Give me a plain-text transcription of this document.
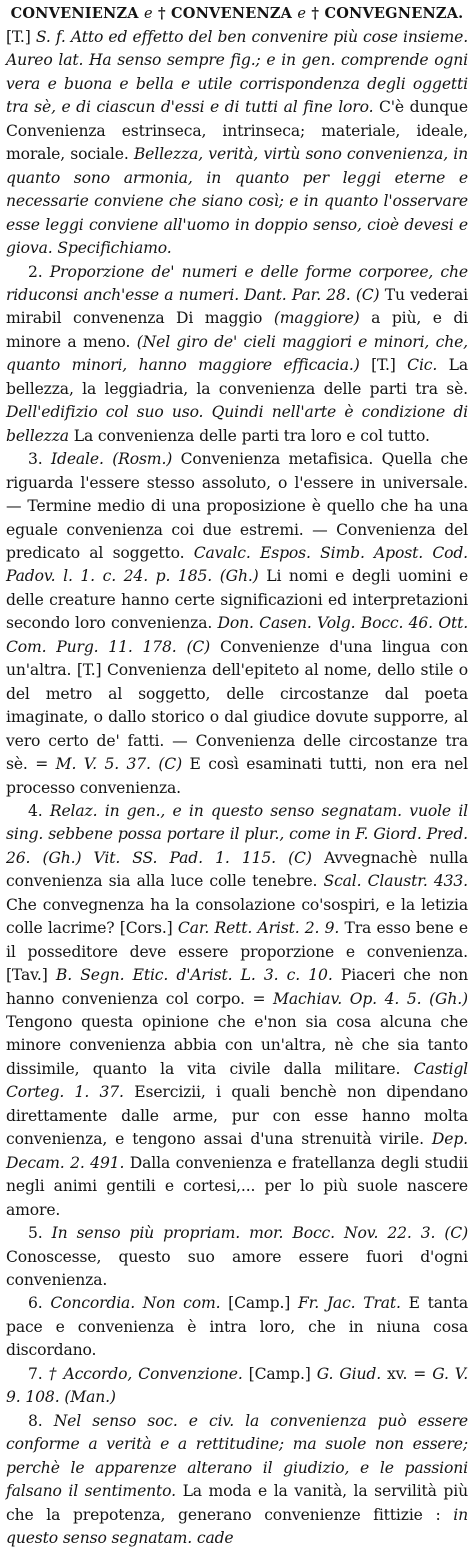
CONVENIENZA e † CONVENENZA e † CONVEGNENZA.

[T.] S. f. Atto ed effetto del ben convenire più cose insieme. Aureo lat. Ha senso sempre fig.; e in gen. comprende ogni vera e buona e bella e utile corrispondenza degli oggetti tra sè, e di ciascun d'essi e di tutti al fine loro. C'è dunque Convenienza estrinseca, intrinseca; materiale, ideale, morale, sociale. Bellezza, verità, virtù sono convenienza, in quanto sono armonia, in quanto per leggi eterne e necessarie conviene che siano così; e in quanto l'osservare esse leggi conviene all'uomo in doppio senso, cioè devesi e giova. Specifichiamo.

2. Proporzione de' numeri e delle forme corporee, che riduconsi anch'esse a numeri. Dant. Par. 28. (C) Tu vederai mirabil convenenza Di maggio (maggiore) a più, e di minore a meno. (Nel giro de' cieli maggiori e minori, che, quanto minori, hanno maggiore efficacia.) [T.] Cic. La bellezza, la leggiadria, la convenienza delle parti tra sè. Dell'edifizio col suo uso. Quindi nell'arte è condizione di bellezza La convenienza delle parti tra loro e col tutto.

3. Ideale. (Rosm.) Convenienza metafisica. Quella che riguarda l'essere stesso assoluto, o l'essere in universale. — Termine medio di una proposizione è quello che ha una eguale convenienza coi due estremi. — Convenienza del predicato al soggetto. Cavalc. Espos. Simb. Apost. Cod. Padov. l. 1. c. 24. p. 185. (Gh.) Li nomi e degli uomini e delle creature hanno certe significazioni ed interpretazioni secondo loro convenienza. Don. Casen. Volg. Bocc. 46. Ott. Com. Purg. 11. 178. (C) Convenienze d'una lingua con un'altra. [T.] Convenienza dell'epiteto al nome, dello stile o del metro al soggetto, delle circostanze dal poeta imaginate, o dallo storico o dal giudice dovute supporre, al vero certo de' fatti. — Convenienza delle circostanze tra sè. = M. V. 5. 37. (C) E così esaminati tutti, non era nel processo convenienza.

4. Relaz. in gen., e in questo senso segnatam. vuole il sing. sebbene possa portare il plur., come in F. Giord. Pred. 26. (Gh.) Vit. SS. Pad. 1. 115. (C) Avvegnachè nulla convenienza sia alla luce colle tenebre. Scal. Claustr. 433. Che convegnenza ha la consolazione co'sospiri, e la letizia colle lacrime? [Cors.] Car. Rett. Arist. 2. 9. Tra esso bene e il posseditore deve essere proporzione e convenienza. [Tav.] B. Segn. Etic. d'Arist. L. 3. c. 10. Piaceri che non hanno convenienza col corpo. = Machiav. Op. 4. 5. (Gh.) Tengono questa opinione che e'non sia cosa alcuna che minore convenienza abbia con un'altra, nè che sia tanto dissimile, quanto la vita civile dalla militare. Castigl Corteg. 1. 37. Esercizii, i quali benchè non dipendano direttamente dalle arme, pur con esse hanno molta convenienza, e tengono assai d'una strenuità virile. Dep. Decam. 2. 491. Dalla convenienza e fratellanza degli studii negli animi gentili e cortesi,... per lo più suole nascere amore.

5. In senso più propriam. mor. Bocc. Nov. 22. 3. (C) Conoscesse, questo suo amore essere fuori d'ogni convenienza.

6. Concordia. Non com. [Camp.] Fr. Jac. Trat. E tanta pace e convenienza è intra loro, che in niuna cosa discordano.

7. † Accordo, Convenzione. [Camp.] G. Giud. xv. = G. V. 9. 108. (Man.)

8. Nel senso soc. e civ. la convenienza può essere conforme a verità e a rettitudine; ma suole non essere; perchè le apparenze alterano il giudizio, e le passioni falsano il sentimento. La moda e la vanità, la servilità più che la prepotenza, generano convenienze fittizie : in questo senso segnatam. cade
